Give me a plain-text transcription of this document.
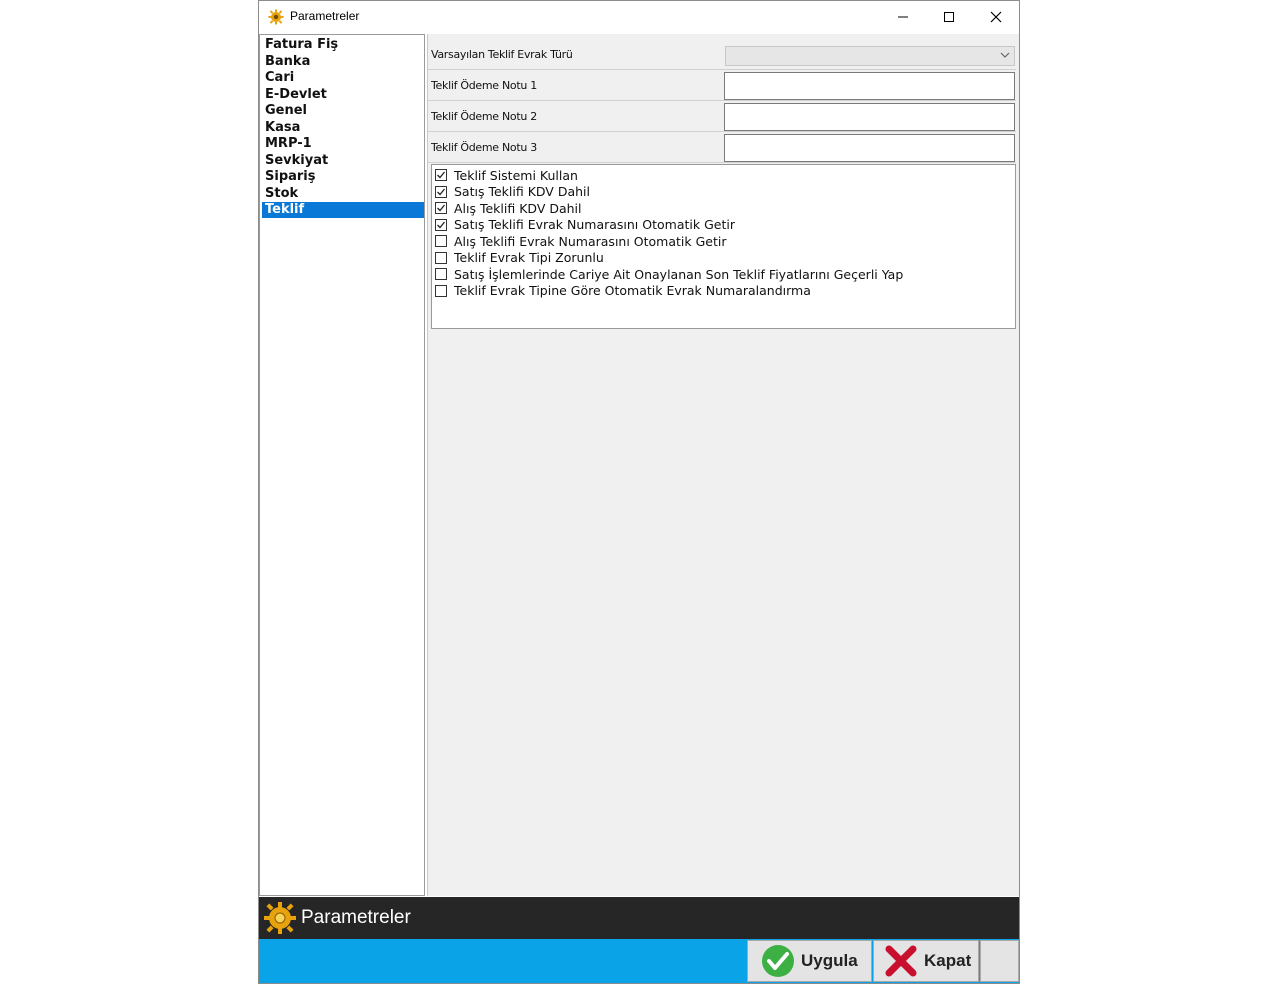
Parametreler
Fatura Fiş
Banka
Cari
E-Devlet
Genel
Kasa
MRP-1
Sevkiyat
Sipariş
Stok
Teklif
Varsayılan Teklif Evrak Türü
Teklif Ödeme Notu 1
Teklif Ödeme Notu 2
Teklif Ödeme Notu 3
Teklif Sistemi Kullan
Satış Teklifi KDV Dahil
Alış Teklifi KDV Dahil
Satış Teklifi Evrak Numarasını Otomatik Getir
Alış Teklifi Evrak Numarasını Otomatik Getir
Teklif Evrak Tipi Zorunlu
Satış İşlemlerinde Cariye Ait Onaylanan Son Teklif Fiyatlarını Geçerli Yap
Teklif Evrak Tipine Göre Otomatik Evrak Numaralandırma
Parametreler
Uygula	Kapat
